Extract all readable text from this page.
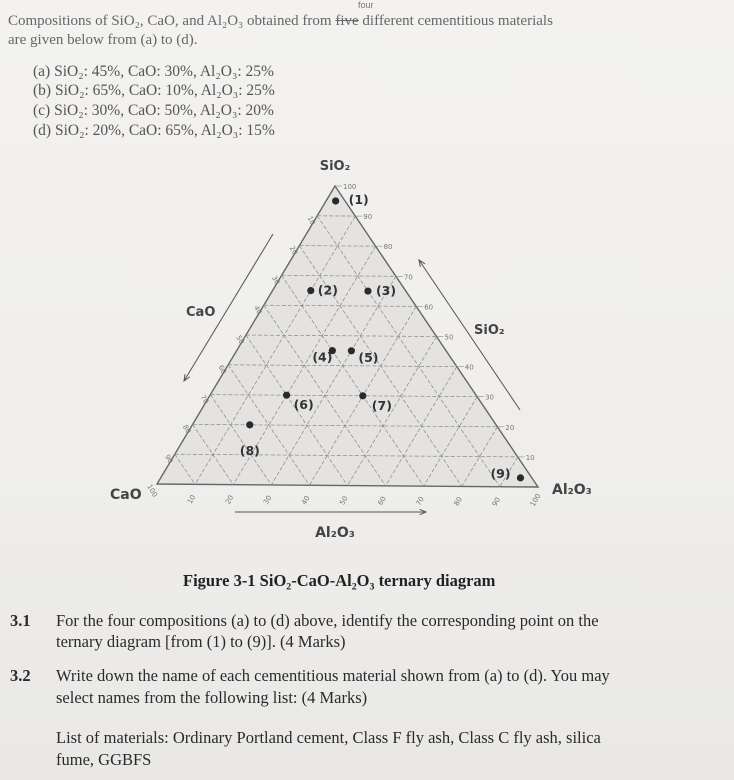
Compositions of SiO₂, CaO, and Al₂O₃ obtained from five different cementitious materials
four
are given below from (a) to (d).
(a) SiO₂: 45%, CaO: 30%, Al₂O₃: 25%
(b) SiO₂: 65%, CaO: 10%, Al₂O₃: 25%
(c) SiO₂: 30%, CaO: 50%, Al₂O₃: 20%
(d) SiO₂: 20%, CaO: 65%, Al₂O₃: 15%
SiO₂
CaO	Al₂O₃
CaO
SiO₂
Al₂O₃
10
10
10
20
20
20
30
30
30
40
40
40
50
50
50
60
60
60
70
70
70
80
80
80
90
90
90
100
100
100
(1)
(2)	(3)
(4) (5)
(6)	(7)
(8)
(9)
Figure 3-1 SiO₂-CaO-Al₂O₃ ternary diagram
3.1 For the four compositions (a) to (d) above, identify the corresponding point on the
ternary diagram [from (1) to (9)]. (4 Marks)
3.2 Write down the name of each cementitious material shown from (a) to (d). You may
select names from the following list: (4 Marks)
List of materials: Ordinary Portland cement, Class F fly ash, Class C fly ash, silica
fume, GGBFS
